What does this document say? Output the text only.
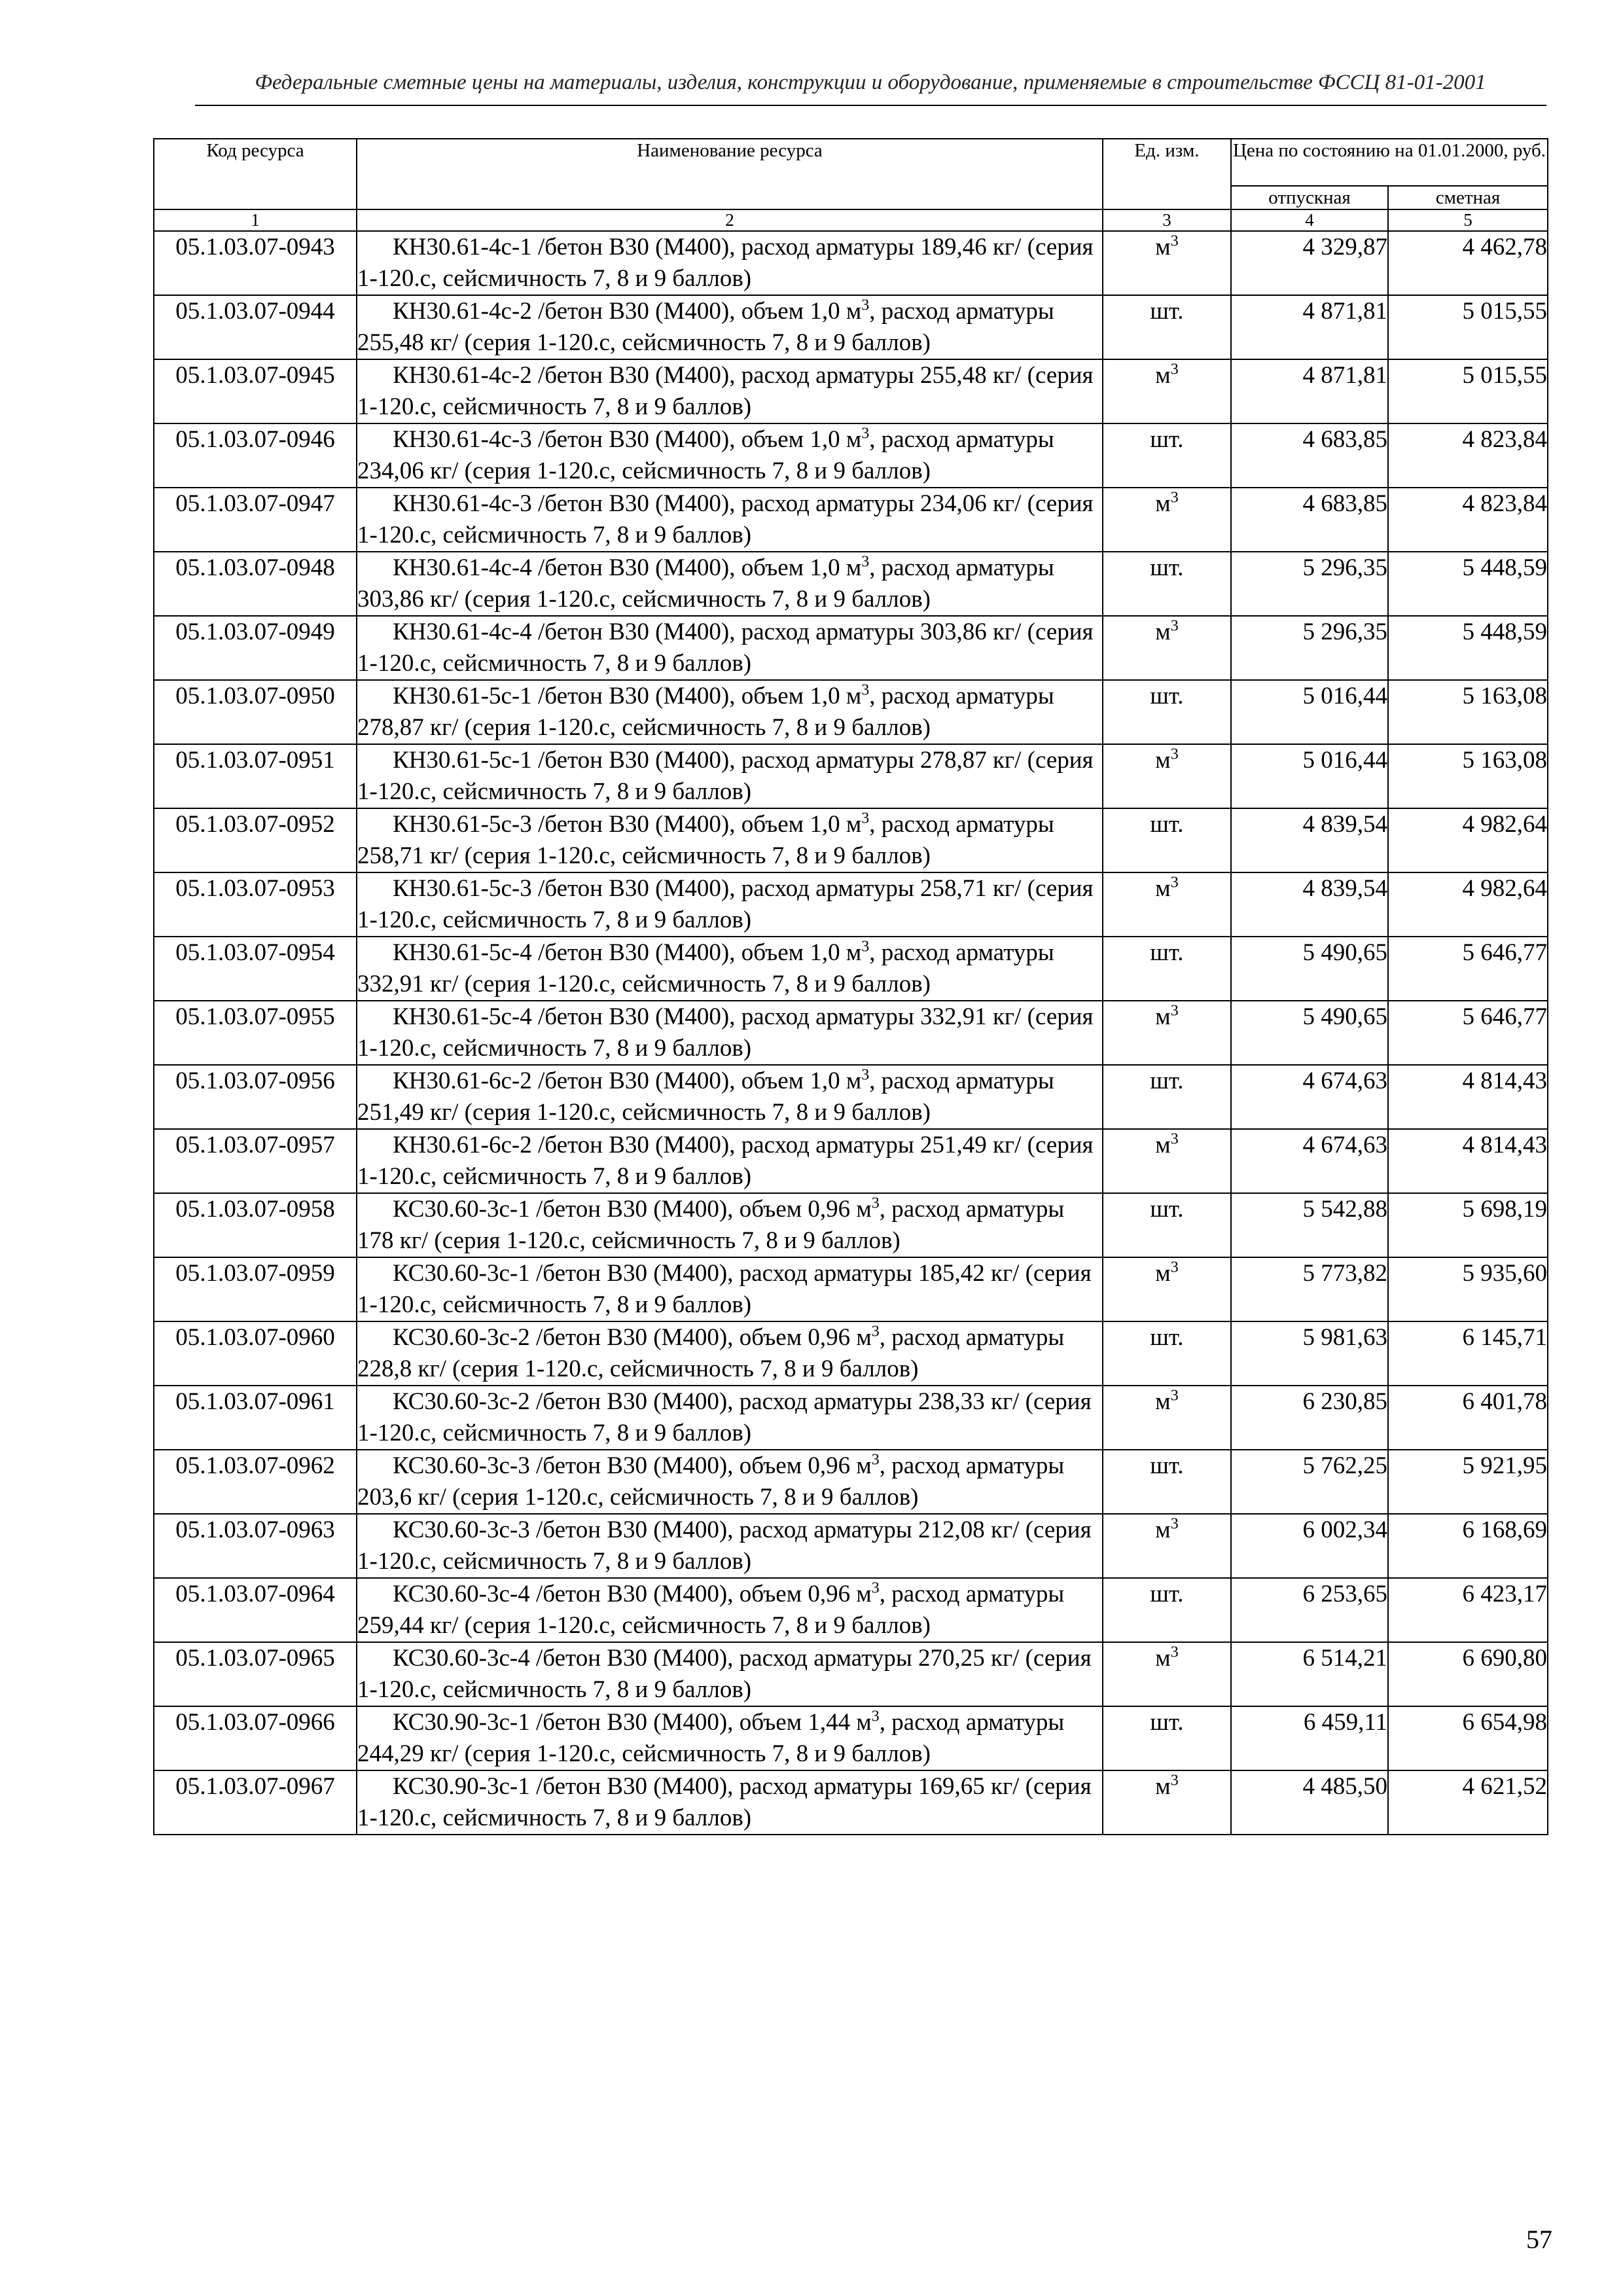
Федеральные сметные цены на материалы, изделия, конструкции и оборудование, применяемые в строительстве ФССЦ 81-01-2001
Код ресурса	Наименование ресурса	Ед. изм.	Цена по состоянию на 01.01.2000, руб.	
			отпускная	сметная
1	2	3	4	5
05.1.03.07-0943	КН30.61-4с-1 /бетон В30 (М400), расход арматуры 189,46 кг/ (серия 1-120.с, сейсмичность 7, 8 и 9 баллов)	$м^3$	4 329,87	4 462,78
05.1.03.07-0944	КН30.61-4с-2 /бетон В30 (М400), объем 1,0 $м^3$, расход арматуры 255,48 кг/ (серия 1-120.с, сейсмичность 7, 8 и 9 баллов)	шт.	4 871,81	5 015,55
05.1.03.07-0945	КН30.61-4с-2 /бетон В30 (М400), расход арматуры 255,48 кг/ (серия 1-120.с, сейсмичность 7, 8 и 9 баллов)	$м^3$	4 871,81	5 015,55
05.1.03.07-0946	КН30.61-4с-3 /бетон В30 (М400), объем 1,0 $м^3$, расход арматуры 234,06 кг/ (серия 1-120.с, сейсмичность 7, 8 и 9 баллов)	шт.	4 683,85	4 823,84
05.1.03.07-0947	КН30.61-4с-3 /бетон В30 (М400), расход арматуры 234,06 кг/ (серия 1-120.с, сейсмичность 7, 8 и 9 баллов)	$м^3$	4 683,85	4 823,84
05.1.03.07-0948	КН30.61-4с-4 /бетон В30 (М400), объем 1,0 $м^3$, расход арматуры 303,86 кг/ (серия 1-120.с, сейсмичность 7, 8 и 9 баллов)	шт.	5 296,35	5 448,59
05.1.03.07-0949	КН30.61-4с-4 /бетон В30 (М400), расход арматуры 303,86 кг/ (серия 1-120.с, сейсмичность 7, 8 и 9 баллов)	$м^3$	5 296,35	5 448,59
05.1.03.07-0950	КН30.61-5с-1 /бетон В30 (М400), объем 1,0 $м^3$, расход арматуры 278,87 кг/ (серия 1-120.с, сейсмичность 7, 8 и 9 баллов)	шт.	5 016,44	5 163,08
05.1.03.07-0951	КН30.61-5с-1 /бетон В30 (М400), расход арматуры 278,87 кг/ (серия 1-120.с, сейсмичность 7, 8 и 9 баллов)	$м^3$	5 016,44	5 163,08
05.1.03.07-0952	КН30.61-5с-3 /бетон В30 (М400), объем 1,0 $м^3$, расход арматуры 258,71 кг/ (серия 1-120.с, сейсмичность 7, 8 и 9 баллов)	шт.	4 839,54	4 982,64
05.1.03.07-0953	КН30.61-5с-3 /бетон В30 (М400), расход арматуры 258,71 кг/ (серия 1-120.с, сейсмичность 7, 8 и 9 баллов)	$м^3$	4 839,54	4 982,64
05.1.03.07-0954	КН30.61-5с-4 /бетон В30 (М400), объем 1,0 $м^3$, расход арматуры 332,91 кг/ (серия 1-120.с, сейсмичность 7, 8 и 9 баллов)	шт.	5 490,65	5 646,77
05.1.03.07-0955	КН30.61-5с-4 /бетон В30 (М400), расход арматуры 332,91 кг/ (серия 1-120.с, сейсмичность 7, 8 и 9 баллов)	$м^3$	5 490,65	5 646,77
05.1.03.07-0956	КН30.61-6с-2 /бетон В30 (М400), объем 1,0 $м^3$, расход арматуры 251,49 кг/ (серия 1-120.с, сейсмичность 7, 8 и 9 баллов)	шт.	4 674,63	4 814,43
05.1.03.07-0957	КН30.61-6с-2 /бетон В30 (М400), расход арматуры 251,49 кг/ (серия 1-120.с, сейсмичность 7, 8 и 9 баллов)	$м^3$	4 674,63	4 814,43
05.1.03.07-0958	КС30.60-3с-1 /бетон В30 (М400), объем 0,96 $м^3$, расход арматуры 178 кг/ (серия 1-120.с, сейсмичность 7, 8 и 9 баллов)	шт.	5 542,88	5 698,19
05.1.03.07-0959	КС30.60-3с-1 /бетон В30 (М400), расход арматуры 185,42 кг/ (серия 1-120.с, сейсмичность 7, 8 и 9 баллов)	$м^3$	5 773,82	5 935,60
05.1.03.07-0960	КС30.60-3с-2 /бетон В30 (М400), объем 0,96 $м^3$, расход арматуры 228,8 кг/ (серия 1-120.с, сейсмичность 7, 8 и 9 баллов)	шт.	5 981,63	6 145,71
05.1.03.07-0961	КС30.60-3с-2 /бетон В30 (М400), расход арматуры 238,33 кг/ (серия 1-120.с, сейсмичность 7, 8 и 9 баллов)	$м^3$	6 230,85	6 401,78
05.1.03.07-0962	КС30.60-3с-3 /бетон В30 (М400), объем 0,96 $м^3$, расход арматуры 203,6 кг/ (серия 1-120.с, сейсмичность 7, 8 и 9 баллов)	шт.	5 762,25	5 921,95
05.1.03.07-0963	КС30.60-3с-3 /бетон В30 (М400), расход арматуры 212,08 кг/ (серия 1-120.с, сейсмичность 7, 8 и 9 баллов)	$м^3$	6 002,34	6 168,69
05.1.03.07-0964	КС30.60-3с-4 /бетон В30 (М400), объем 0,96 $м^3$, расход арматуры 259,44 кг/ (серия 1-120.с, сейсмичность 7, 8 и 9 баллов)	шт.	6 253,65	6 423,17
05.1.03.07-0965	КС30.60-3с-4 /бетон В30 (М400), расход арматуры 270,25 кг/ (серия 1-120.с, сейсмичность 7, 8 и 9 баллов)	$м^3$	6 514,21	6 690,80
05.1.03.07-0966	КС30.90-3с-1 /бетон В30 (М400), объем 1,44 $м^3$, расход арматуры 244,29 кг/ (серия 1-120.с, сейсмичность 7, 8 и 9 баллов)	шт.	6 459,11	6 654,98
05.1.03.07-0967	КС30.90-3с-1 /бетон В30 (М400), расход арматуры 169,65 кг/ (серия 1-120.с, сейсмичность 7, 8 и 9 баллов)	$м^3$	4 485,50	4 621,52
57
